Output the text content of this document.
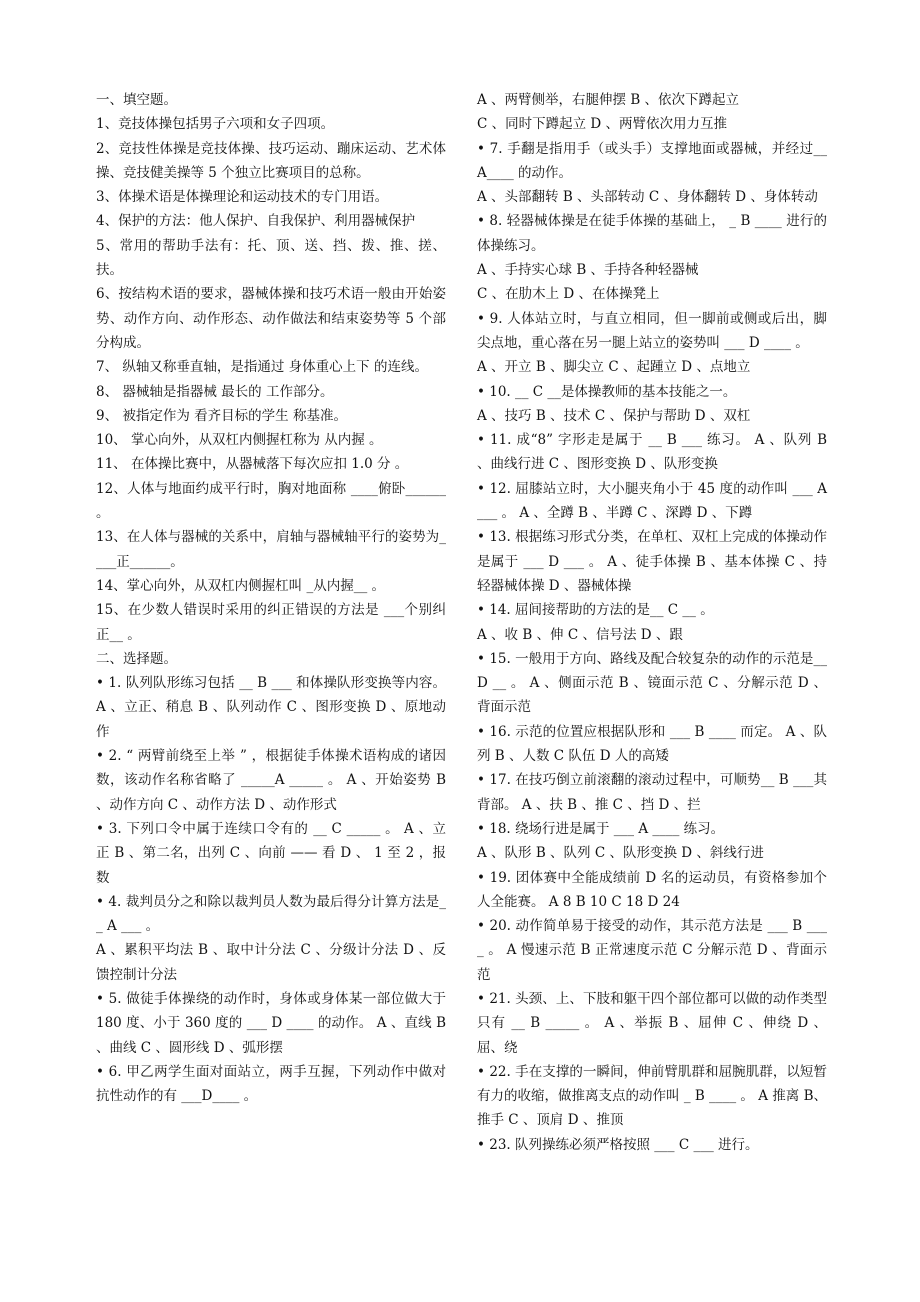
一、填空题。

1、竞技体操包括男子六项和女子四项。

2、竞技性体操是竞技体操、技巧运动、蹦床运动、艺术体操、竞技健美操等 5 个独立比赛项目的总称。

3、体操术语是体操理论和运动技术的专门用语。

4、保护的方法：他人保护、自我保护、利用器械保护

5、常用的帮助手法有：托、顶、送、挡、拨、推、搓、扶。

6、按结构术语的要求，器械体操和技巧术语一般由开始姿势、动作方向、动作形态、动作做法和结束姿势等 5 个部分构成。

7、 纵轴又称垂直轴，是指通过 身体重心上下 的连线。

8、 器械轴是指器械 最长的 工作部分。

9、 被指定作为 看齐目标的学生 称基准。

10、 掌心向外，从双杠内侧握杠称为 从内握 。

11、 在体操比赛中，从器械落下每次应扣 1.0 分 。

12、人体与地面约成平行时，胸对地面称 ____俯卧______ 。

13、在人体与器械的关系中，肩轴与器械轴平行的姿势为____正______。

14、掌心向外，从双杠内侧握杠叫 _从内握__ 。

15、在少数人错误时采用的纠正错误的方法是 ___个别纠正__ 。

二、选择题。

• 1. 队列队形练习包括 __ B ___ 和体操队形变换等内容。 A 、立正、稍息 B 、队列动作 C 、图形变换 D 、原地动作

• 2. “ 两臂前绕至上举 ” ，根据徒手体操术语构成的诸因数，该动作名称省略了 _____A _____ 。 A 、开始姿势 B 、动作方向 C 、动作方法 D 、动作形式

• 3. 下列口令中属于连续口令有的 __ C _____ 。 A 、立正 B 、第二名，出列 C 、向前 —— 看 D 、 1 至 2 ，报数

• 4. 裁判员分之和除以裁判员人数为最后得分计算方法是__ A ___ 。

A 、累积平均法 B 、取中计分法 C 、分级计分法 D 、反馈控制计分法

• 5. 做徒手体操绕的动作时，身体或身体某一部位做大于 180 度、小于 360 度的 ___ D ____ 的动作。 A 、直线 B 、曲线 C 、圆形线 D 、弧形摆

• 6. 甲乙两学生面对面站立，两手互握，下列动作中做对抗性动作的有 ___D____ 。

A 、两臂侧举，右腿伸摆 B 、依次下蹲起立

C 、同时下蹲起立 D 、两臂依次用力互推

• 7. 手翻是指用手（或头手）支撑地面或器械，并经过__ A____ 的动作。

A 、头部翻转 B 、头部转动 C 、身体翻转 D 、身体转动

• 8. 轻器械体操是在徒手体操的基础上， _ B ____ 进行的体操练习。

A 、手持实心球 B 、手持各种轻器械

C 、在肋木上 D 、在体操凳上

• 9. 人体站立时，与直立相同，但一脚前或侧或后出，脚尖点地，重心落在另一腿上站立的姿势叫 ___ D ____ 。

A 、开立 B 、脚尖立 C 、起踵立 D 、点地立

• 10. __ C __是体操教师的基本技能之一。

A 、技巧 B 、技术 C 、保护与帮助 D 、双杠

• 11. 成“8” 字形走是属于 __ B ___ 练习。 A 、队列 B 、曲线行进 C 、图形变换 D 、队形变换

• 12. 屈膝站立时，大小腿夹角小于 45 度的动作叫 ___ A ___ 。 A 、全蹲 B 、半蹲 C 、深蹲 D 、下蹲

• 13. 根据练习形式分类，在单杠、双杠上完成的体操动作是属于 ___ D ___ 。 A 、徒手体操 B 、基本体操 C 、持轻器械体操 D 、器械体操

• 14. 屈间接帮助的方法的是__ C __ 。

A 、收 B 、伸 C 、信号法 D 、跟

• 15. 一般用于方向、路线及配合较复杂的动作的示范是__ D __ 。 A 、侧面示范 B 、镜面示范 C 、分解示范 D 、背面示范

• 16. 示范的位置应根据队形和 ___ B ____ 而定。 A 、队列 B 、人数 C 队伍 D 人的高矮

• 17. 在技巧倒立前滚翻的滚动过程中，可顺势__ B ___其背部。 A 、扶 B 、推 C 、挡 D 、拦

• 18. 绕场行进是属于 ___ A ____ 练习。

A 、队形 B 、队列 C 、队形变换 D 、斜线行进

• 19. 团体赛中全能成绩前 D 名的运动员，有资格参加个人全能赛。 A 8 B 10 C 18 D 24

• 20. 动作简单易于接受的动作，其示范方法是 ___ B ____ 。 A 慢速示范 B 正常速度示范 C 分解示范 D 、背面示范

• 21. 头颈、上、下肢和躯干四个部位都可以做的动作类型只有 __ B _____ 。 A 、举振 B 、屈伸 C 、伸绕 D 、屈、绕

• 22. 手在支撑的一瞬间，伸前臂肌群和屈腕肌群，以短暂有力的收缩，做推离支点的动作叫 _ B ____ 。 A 推离 B、推手 C 、顶肩 D 、推顶

• 23. 队列操练必须严格按照 ___ C ___ 进行。
